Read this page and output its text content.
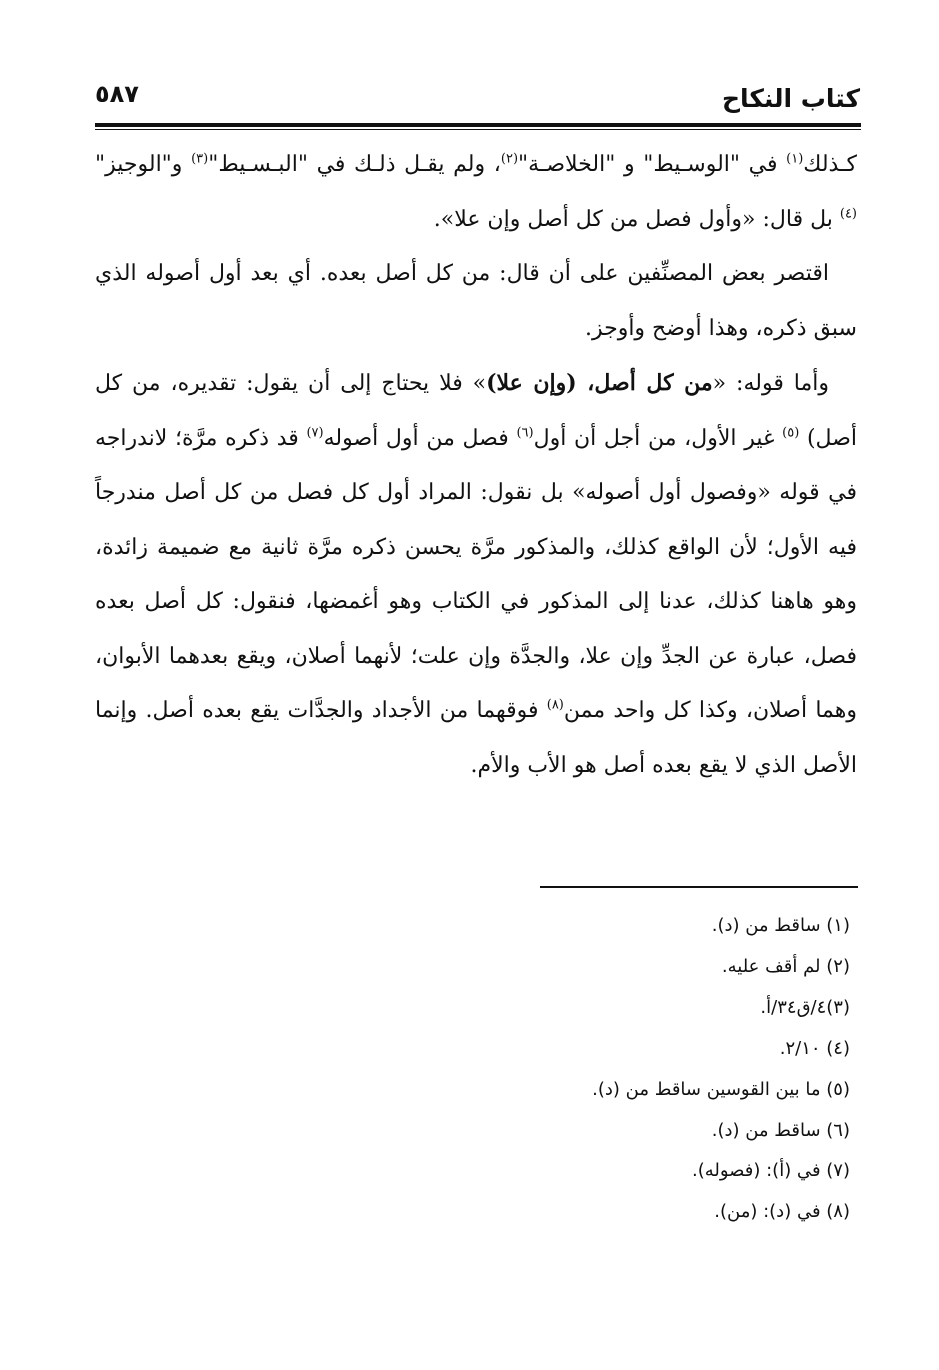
٥٨٧	كتاب النكاح

كـذلك$^{(١)}$ في "الوسـيط" و "الخلاصـة"$^{(٢)}$، ولم يقـل ذلـك في "البـسـيط"$^{(٣)}$ و"الوجيز"$^{(٤)}$ بل قال: «وأول فصل من كل أصل وإن علا».

اقتصر بعض المصنِّفين على أن قال: من كل أصل بعده. أي بعد أول أصوله الذي سبق ذكره، وهذا أوضح وأوجز.

وأما قوله: «من كل أصل، (وإن علا)» فلا يحتاج إلى أن يقول: تقديره، من كل أصل) $^{(٥)}$ غير الأول، من أجل أن أول$^{(٦)}$ فصل من أول أصوله$^{(٧)}$ قد ذكره مرَّة؛ لاندراجه في قوله «وفصول أول أصوله» بل نقول: المراد أول كل فصل من كل أصل مندرجاً فيه الأول؛ لأن الواقع كذلك، والمذكور مرَّة يحسن ذكره مرَّة ثانية مع ضميمة زائدة، وهو هاهنا كذلك، عدنا إلى المذكور في الكتاب وهو أغمضها، فنقول: كل أصل بعده فصل، عبارة عن الجدِّ وإن علا، والجدَّة وإن علت؛ لأنهما أصلان، ويقع بعدهما الأبوان، وهما أصلان، وكذا كل واحد ممن$^{(٨)}$ فوقهما من الأجداد والجدَّات يقع بعده أصل. وإنما الأصل الذي لا يقع بعده أصل هو الأب والأم.

(١) ساقط من (د).

(٢) لم أقف عليه.

(٣)٤/ق٣٤/أ.

(٤) ٢/١٠.

(٥) ما بين القوسين ساقط من (د).

(٦) ساقط من (د).

(٧) في (أ): (فصوله).

(٨) في (د): (من).
